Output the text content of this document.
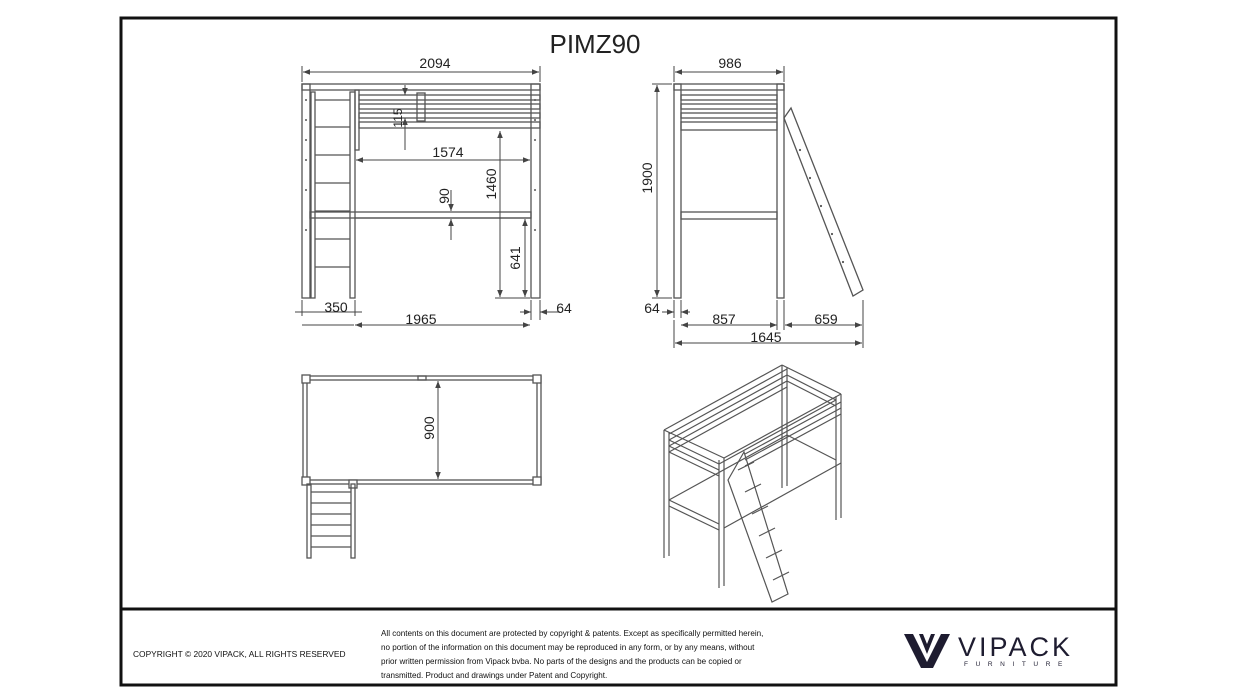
PIMZ90
2094
115
1574
90 1460
641
350
1965
64
986
1900
64
857	659
1645
900
COPYRIGHT © 2020 VIPACK, ALL RIGHTS RESERVED
All contents on this document are protected by copyright & patents. Except as specifically permitted herein,
no portion of the information on this document may be reproduced in any form, or by any means, without
prior written permission from Vipack bvba. No parts of the designs and the products can be copied or
transmitted. Product and drawings under Patent and Copyright.
VIPACK
FURNITURE
